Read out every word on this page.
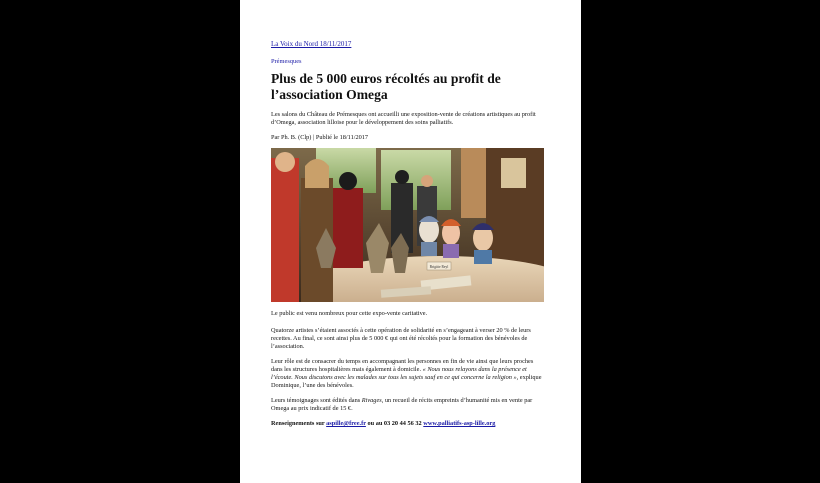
La Voix du Nord 18/11/2017
Prémesques
Plus de 5 000 euros récoltés au profit de l’association Omega

Les salons du Château de Prémesques ont accueilli une exposition-vente de créations artistiques au profit d’Omega, association lilloise pour le développement des soins palliatifs.

Par Ph. B. (Clp) | Publié le 18/11/2017

Brigitte Reyl

Le public est venu nombreux pour cette expo-vente caritative.

Quatorze artistes s’étaient associés à cette opération de solidarité en s’engageant à verser 20 % de leurs recettes. Au final, ce sont ainsi plus de 5 000 € qui ont été récoltés pour la formation des bénévoles de l’association.

Leur rôle est de consacrer du temps en accompagnant les personnes en fin de vie ainsi que leurs proches dans les structures hospitalières mais également à domicile. « Nous nous relayons dans la présence et l’écoute. Nous discutons avec les malades sur tous les sujets sauf en ce qui concerne la religion », explique Dominique, l’une des bénévoles.

Leurs témoignages sont édités dans Rivages, un recueil de récits empreints d’humanité mis en vente par Omega au prix indicatif de 15 €.

Renseignements sur aspille@free.fr ou au 03 20 44 56 32 www.palliatifs-asp-lille.org
